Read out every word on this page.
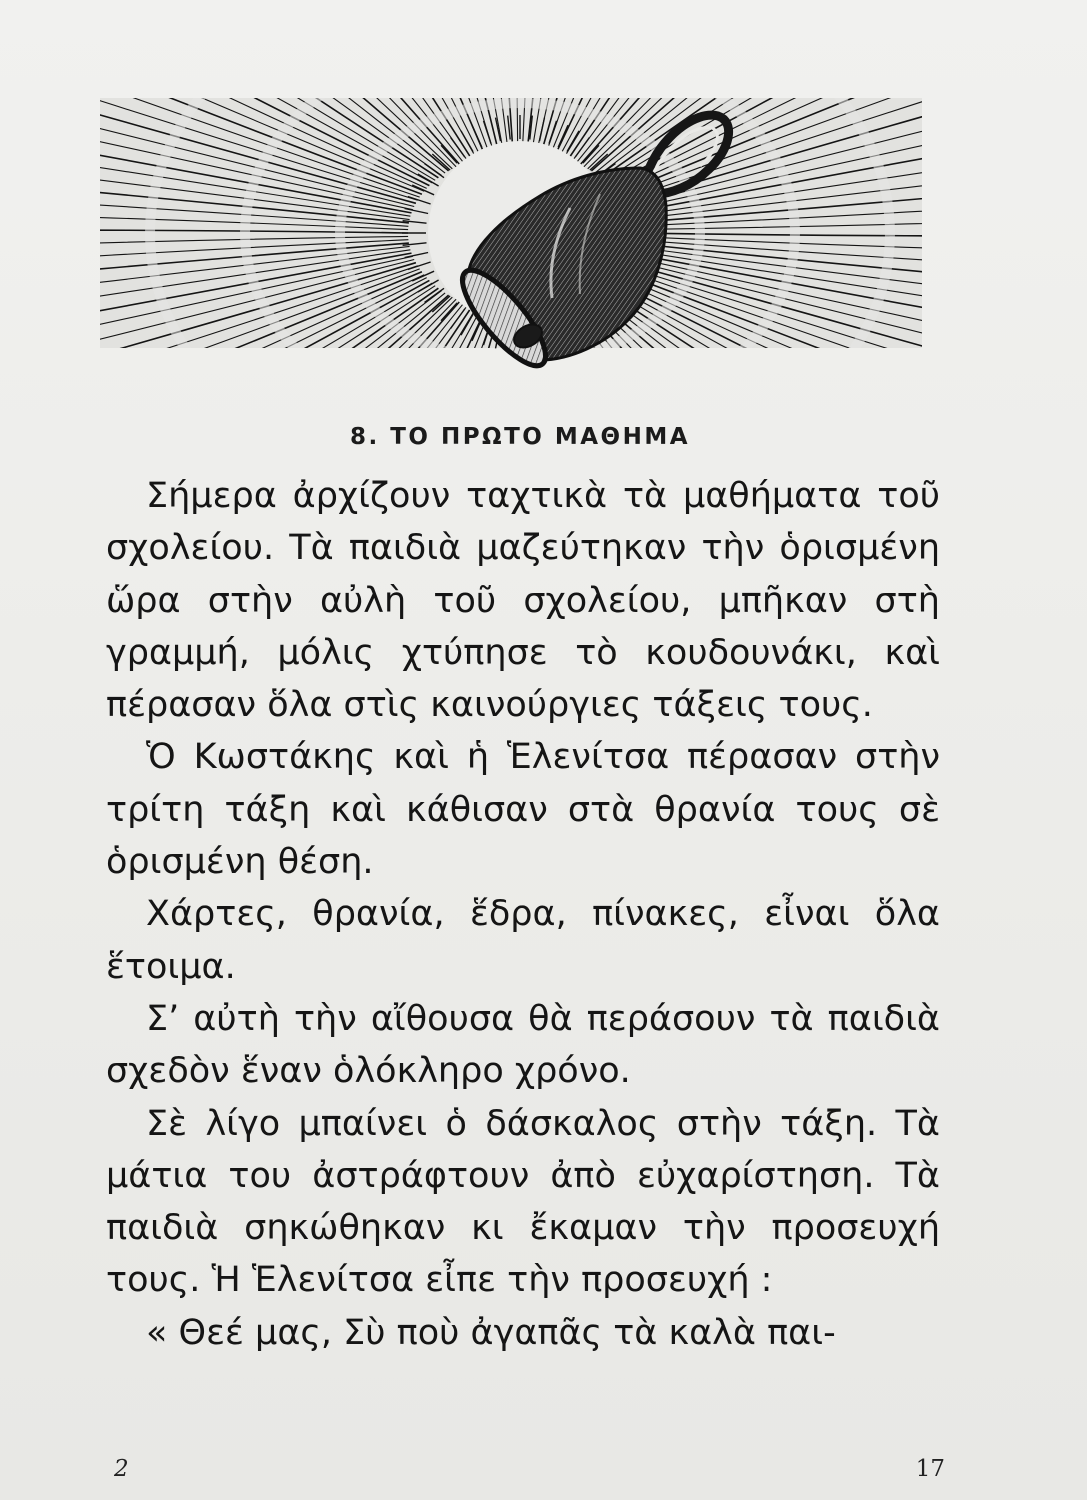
8. ΤΟ ΠΡΩΤΟ ΜΑΘΗΜΑ

Σήμερα ἀρχίζουν ταχτικὰ τὰ μαθήματα τοῦ σχολείου. Τὰ παιδιὰ μαζεύτηκαν τὴν ὁρισμένη ὥρα στὴν αὐλὴ τοῦ σχολείου, μπῆκαν στὴ γραμμή, μόλις χτύπησε τὸ κουδουνάκι, καὶ πέρασαν ὅλα στὶς καινούργιες τάξεις τους.

Ὁ Κωστάκης καὶ ἡ Ἑλενίτσα πέρασαν στὴν τρίτη τάξη καὶ κάθισαν στὰ θρανία τους σὲ ὁρισμένη θέση.

Χάρτες, θρανία, ἕδρα, πίνακες, εἶναι ὅλα ἕτοιμα.

Σ’ αὐτὴ τὴν αἴθουσα θὰ περάσουν τὰ παιδιὰ σχεδὸν ἕναν ὁλόκληρο χρόνο.

Σὲ λίγο μπαίνει ὁ δάσκαλος στὴν τάξη. Τὰ μάτια του ἀστράφτουν ἀπὸ εὐχαρίστηση. Τὰ παιδιὰ σηκώθηκαν κι ἔκαμαν τὴν προσευχή τους. Ἡ Ἑλενίτσα εἶπε τὴν προσευχή :

« Θεέ μας, Σὺ ποὺ ἀγαπᾶς τὰ καλὰ παι-

2	17
